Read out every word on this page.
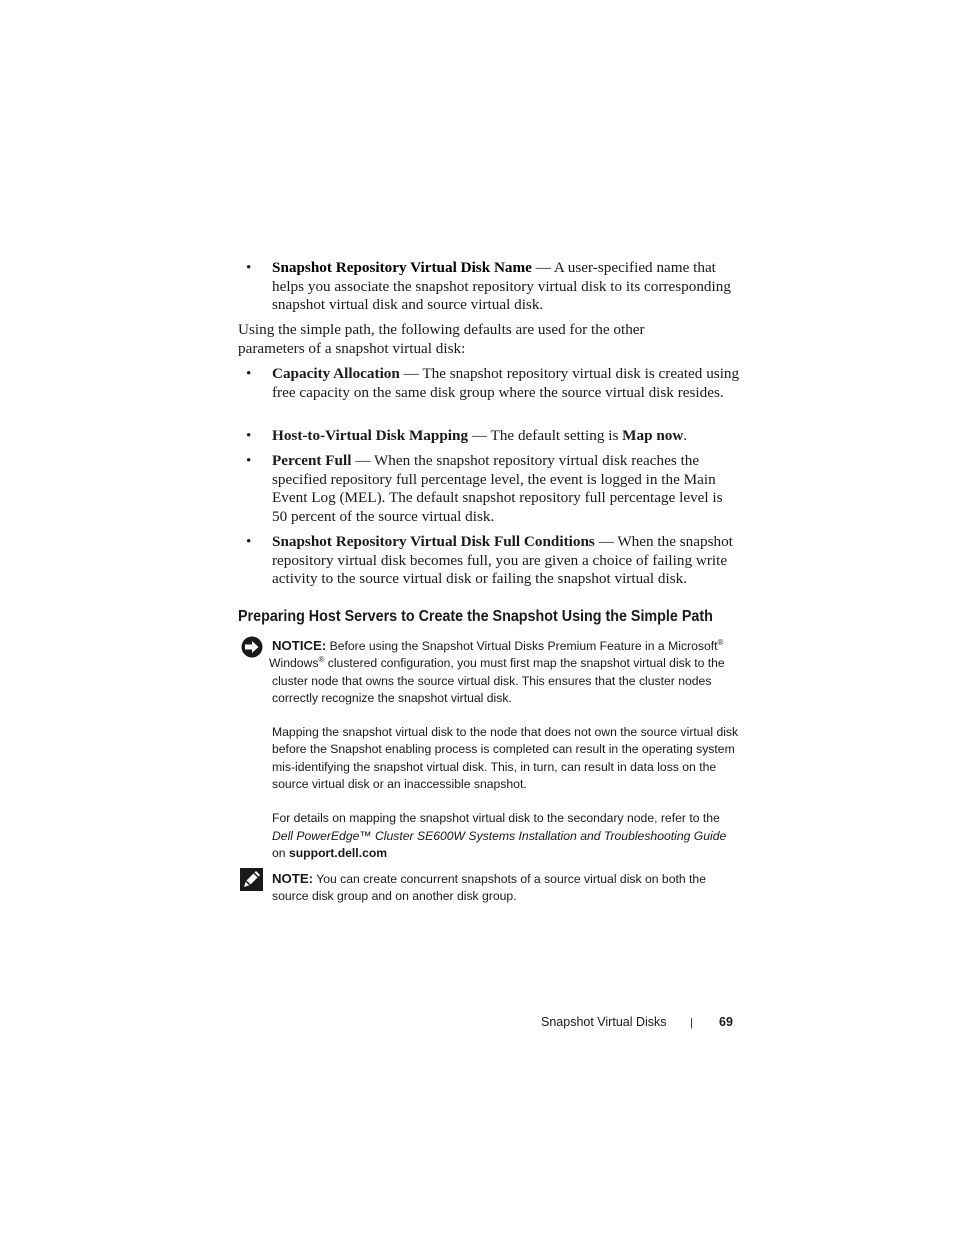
• Snapshot Repository Virtual Disk Name — A user-specified name that helps you associate the snapshot repository virtual disk to its corresponding snapshot virtual disk and source virtual disk.
Using the simple path, the following defaults are used for the other parameters of a snapshot virtual disk:
• Capacity Allocation — The snapshot repository virtual disk is created using free capacity on the same disk group where the source virtual disk resides.
• Host-to-Virtual Disk Mapping — The default setting is Map now.
• Percent Full — When the snapshot repository virtual disk reaches the specified repository full percentage level, the event is logged in the Main Event Log (MEL). The default snapshot repository full percentage level is 50 percent of the source virtual disk.
• Snapshot Repository Virtual Disk Full Conditions — When the snapshot repository virtual disk becomes full, you are given a choice of failing write activity to the source virtual disk or failing the snapshot virtual disk.
Preparing Host Servers to Create the Snapshot Using the Simple Path

NOTICE: Before using the Snapshot Virtual Disks Premium Feature in a Microsoft®
Windows® clustered configuration, you must first map the snapshot virtual disk to the cluster node that owns the source virtual disk. This ensures that the cluster nodes correctly recognize the snapshot virtual disk.

Mapping the snapshot virtual disk to the node that does not own the source virtual disk before the Snapshot enabling process is completed can result in the operating system mis-identifying the snapshot virtual disk. This, in turn, can result in data loss on the source virtual disk or an inaccessible snapshot.

For details on mapping the snapshot virtual disk to the secondary node, refer to the Dell PowerEdge™ Cluster SE600W Systems Installation and Troubleshooting Guide on support.dell.com

NOTE: You can create concurrent snapshots of a source virtual disk on both the source disk group and on another disk group.

Snapshot Virtual Disks | 69
